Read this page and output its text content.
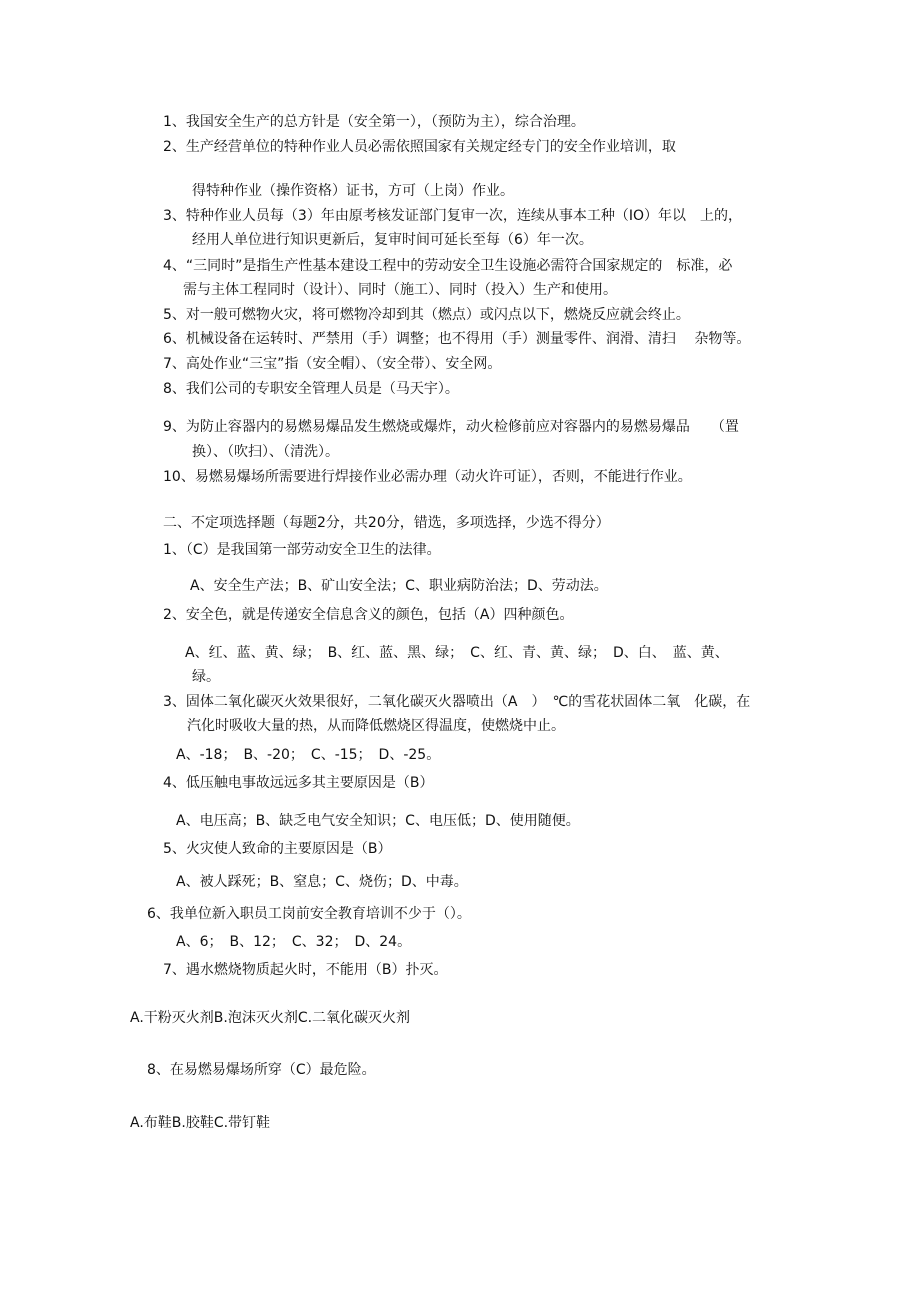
1、我国安全生产的总方针是（安全第一），（预防为主），综合治理。
2、生产经营单位的特种作业人员必需依照国家有关规定经专门的安全作业培训，取
得特种作业（操作资格）证书，方可（上岗）作业。
3、特种作业人员每（3）年由原考核发证部门复审一次，连续从事本工种（IO）年以　上的，
经用人单位进行知识更新后，复审时间可延长至每（6）年一次。
4、“三同时”是指生产性基本建设工程中的劳动安全卫生设施必需符合国家规定的　标准，必
需与主体工程同时（设计）、同时（施工）、同时（投入）生产和使用。
5、对一般可燃物火灾，将可燃物冷却到其（燃点）或闪点以下，燃烧反应就会终止。
6、机械设备在运转时、严禁用（手）调整；也不得用（手）测量零件、润滑、清扫　 杂物等。
7、高处作业“三宝”指（安全帽）、（安全带）、安全网。
8、我们公司的专职安全管理人员是（马天宇）。
9、为防止容器内的易燃易爆品发生燃烧或爆炸，动火检修前应对容器内的易燃易爆品　　（置
换）、（吹扫）、（清洗）。
10、易燃易爆场所需要进行焊接作业必需办理（动火许可证），否则，不能进行作业。
二、不定项选择题（每题2分，共20分，错选，多项选择，少选不得分）
1、（C）是我国第一部劳动安全卫生的法律。
A、安全生产法；B、矿山安全法；C、职业病防治法；D、劳动法。
2、安全色，就是传递安全信息含义的颜色，包括（A）四种颜色。
A、红、蓝、黄、绿；　B、红、蓝、黑、绿；　C、红、青、黄、绿；　D、白、　蓝、黄、
绿。
3、固体二氧化碳灭火效果很好，二氧化碳灭火器喷出（A　）　℃的雪花状固体二氧　化碳，在
汽化时吸收大量的热，从而降低燃烧区得温度，使燃烧中止。
A、-18；　B、-20；　C、-15；　D、-25。
4、低压触电事故远远多其主要原因是（B）
A、电压高；B、缺乏电气安全知识；C、电压低；D、使用随便。
5、火灾使人致命的主要原因是（B）
A、被人踩死；B、窒息；C、烧伤；D、中毒。
6、我单位新入职员工岗前安全教育培训不少于（）。
A、6；　B、12；　C、32；　D、24。
7、遇水燃烧物质起火时，不能用（B）扑灭。
A.干粉灭火剂B.泡沫灭火剂C.二氧化碳灭火剂
8、在易燃易爆场所穿（C）最危险。
A.布鞋B.胶鞋C.带钉鞋
